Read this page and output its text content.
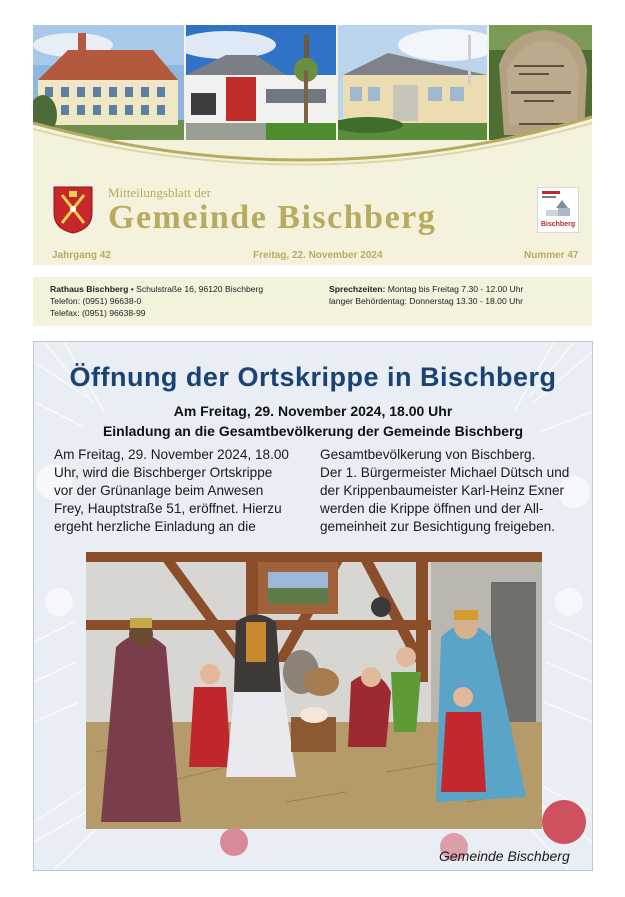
Mitteilungsblatt der
Gemeinde Bischberg	Bischberg
Jahrgang 42	Freitag, 22. November 2024	Nummer 47
Rathaus Bischberg • Schulstraße 16, 96120 Bischberg
Telefon: (0951) 96638-0
Telefax: (0951) 96638-99
Sprechzeiten: Montag bis Freitag 7.30 - 12.00 Uhr
langer Behördentag: Donnerstag 13.30 - 18.00 Uhr
Öffnung der Ortskrippe in Bischberg
Am Freitag, 29. November 2024, 18.00 Uhr
Einladung an die Gesamtbevölkerung der Gemeinde Bischberg

Am Freitag, 29. November 2024, 18.00

Uhr, wird die Bischberger Ortskrippe

vor der Grünanlage beim Anwesen

Frey, Hauptstraße 51, eröffnet. Hierzu

ergeht herzliche Einladung an die

Gesamtbevölkerung von Bischberg.

Der 1. Bürgermeister Michael Dütsch und

der Krippenbaumeister Karl-Heinz Exner

werden die Krippe öffnen und der All-

gemeinheit zur Besichtigung freigeben.

Gemeinde Bischberg
